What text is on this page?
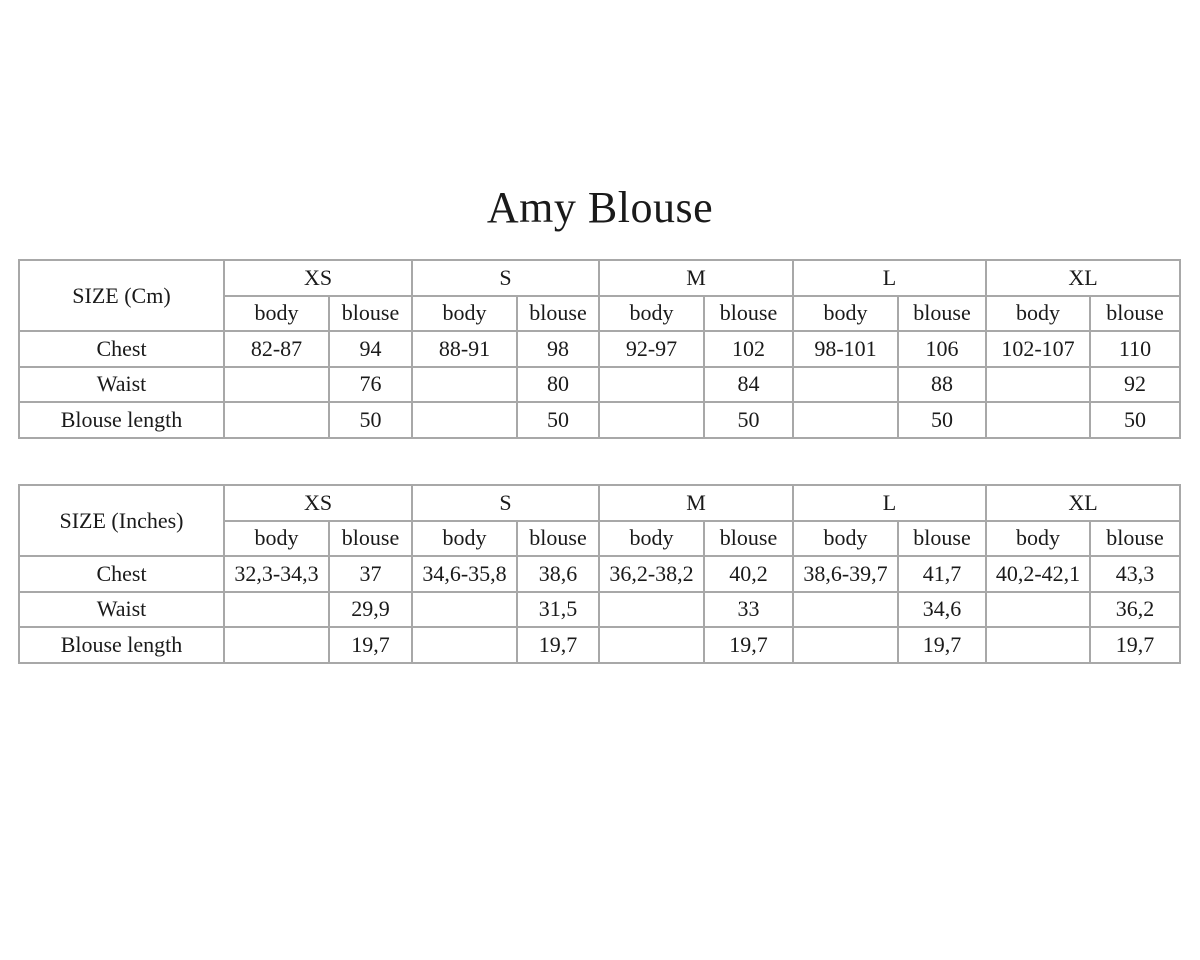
Amy Blouse
SIZE (Cm)	XS		S		M		L		XL	
	body	blouse	body	blouse	body	blouse	body	blouse	body	blouse
Chest	82-87	94	88-91	98	92-97	102	98-101	106	102-107	110
Waist		76		80		84		88		92
Blouse length		50		50		50		50		50
SIZE (Inches)	XS		S		M		L		XL	
	body	blouse	body	blouse	body	blouse	body	blouse	body	blouse
Chest	32,3-34,3	37	34,6-35,8	38,6	36,2-38,2	40,2	38,6-39,7	41,7	40,2-42,1	43,3
Waist		29,9		31,5		33		34,6		36,2
Blouse length		19,7		19,7		19,7		19,7		19,7
